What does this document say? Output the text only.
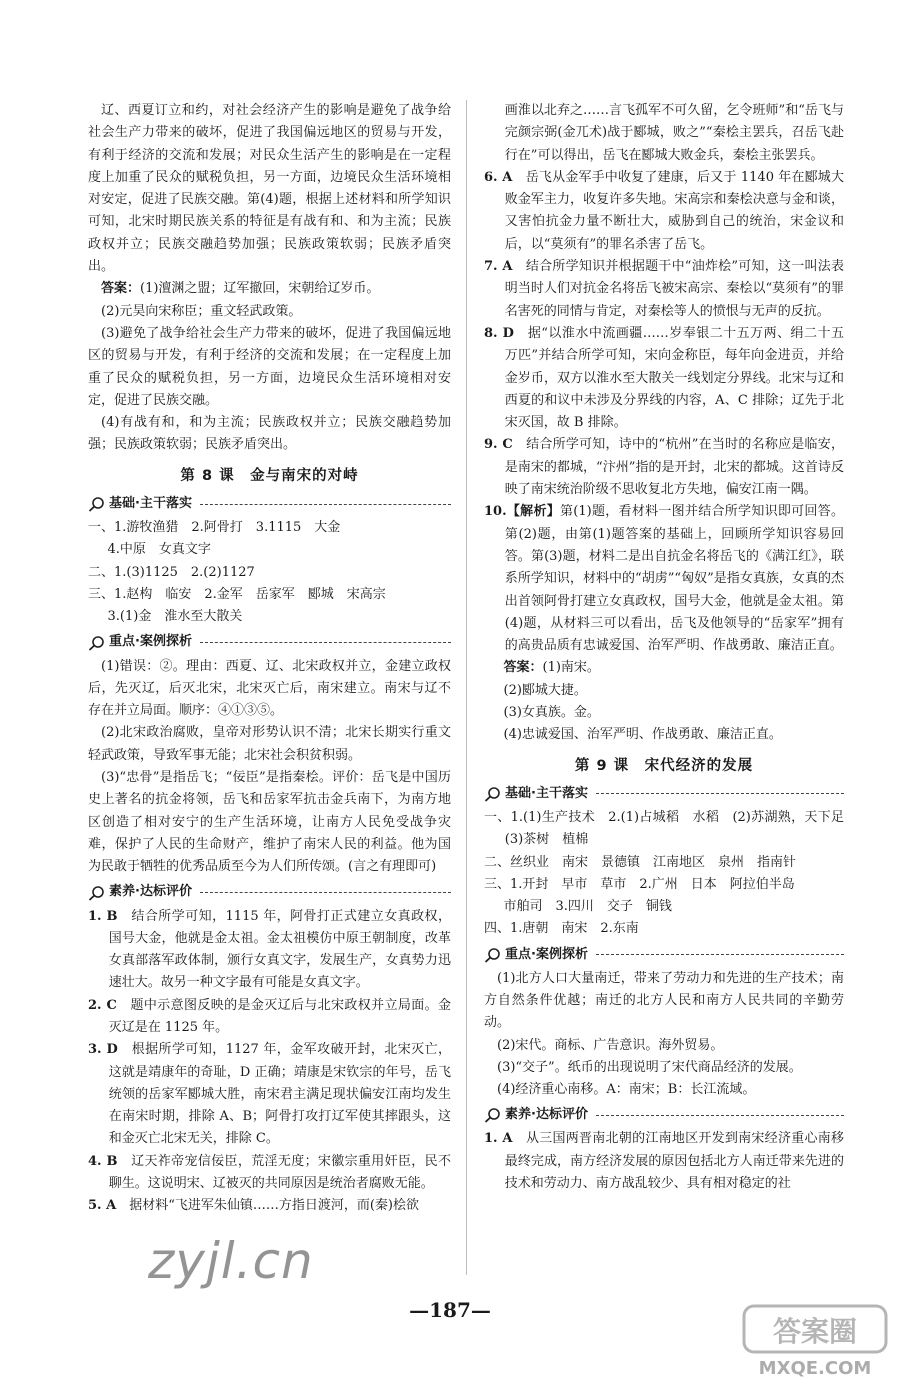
辽、西夏订立和约，对社会经济产生的影响是避免了战争给社会生产力带来的破坏，促进了我国偏远地区的贸易与开发，有利于经济的交流和发展；对民众生活产生的影响是在一定程度上加重了民众的赋税负担，另一方面，边境民众生活环境相对安定，促进了民族交融。第(4)题，根据上述材料和所学知识可知，北宋时期民族关系的特征是有战有和、和为主流；民族政权并立；民族交融趋势加强；民族政策软弱；民族矛盾突出。

答案：(1)澶渊之盟；辽军撤回，宋朝给辽岁币。

(2)元昊向宋称臣；重文轻武政策。

(3)避免了战争给社会生产力带来的破坏，促进了我国偏远地区的贸易与开发，有利于经济的交流和发展；在一定程度上加重了民众的赋税负担，另一方面，边境民众生活环境相对安定，促进了民族交融。

(4)有战有和，和为主流；民族政权并立；民族交融趋势加强；民族政策软弱；民族矛盾突出。

第 8 课　金与南宋的对峙
基础·主干落实

一、1.游牧渔猎　2.阿骨打　3.1115　大金

4.中原　女真文字

二、1.(3)1125　2.(2)1127

三、1.赵构　临安　2.金军　岳家军　郾城　宋高宗

3.(1)金　淮水至大散关

重点·案例探析

(1)错误：②。理由：西夏、辽、北宋政权并立，金建立政权后，先灭辽，后灭北宋，北宋灭亡后，南宋建立。南宋与辽不存在并立局面。顺序：④①③⑤。

(2)北宋政治腐败，皇帝对形势认识不清；北宋长期实行重文轻武政策，导致军事无能；北宋社会积贫积弱。

(3)“忠骨”是指岳飞；“佞臣”是指秦桧。评价：岳飞是中国历史上著名的抗金将领，岳飞和岳家军抗击金兵南下，为南方地区创造了相对安宁的生产生活环境，让南方人民免受战争灾难，保护了人民的生命财产，维护了南宋人民的利益。他为国为民敢于牺牲的优秀品质至今为人们所传颂。(言之有理即可)

素养·达标评价

1. B　 结合所学可知，1115 年，阿骨打正式建立女真政权，国号大金，他就是金太祖。金太祖模仿中原王朝制度，改革女真部落军政体制，颁行女真文字，发展生产，女真势力迅速壮大。故另一种文字最有可能是女真文字。

2. C　 题中示意图反映的是金灭辽后与北宋政权并立局面。金灭辽是在 1125 年。

3. D　 根据所学可知，1127 年，金军攻破开封，北宋灭亡，这就是靖康年的奇耻，D 正确；靖康是宋钦宗的年号，岳飞统领的岳家军郾城大胜，南宋君主满足现状偏安江南均发生在南宋时期，排除 A、B；阿骨打攻打辽军使其摔跟头，这和金灭亡北宋无关，排除 C。

4. B　 辽天祚帝宠信佞臣，荒淫无度；宋徽宗重用奸臣，民不聊生。这说明宋、辽被灭的共同原因是统治者腐败无能。

5. A　 据材料“飞进军朱仙镇……方指日渡河，而(秦)桧欲

画淮以北弃之……言飞孤军不可久留，乞令班师”和“岳飞与完颜宗弼(金兀术)战于郾城，败之”“秦桧主罢兵，召岳飞赴行在”可以得出，岳飞在郾城大败金兵，秦桧主张罢兵。

6. A　 岳飞从金军手中收复了建康，后又于 1140 年在郾城大败金军主力，收复许多失地。宋高宗和秦桧决意与金和谈，又害怕抗金力量不断壮大，威胁到自己的统治，宋金议和后，以“莫须有”的罪名杀害了岳飞。

7. A　 结合所学知识并根据题干中“油炸桧”可知，这一叫法表明当时人们对抗金名将岳飞被宋高宗、秦桧以“莫须有”的罪名害死的同情与肯定，对秦桧等人的愤恨与无声的反抗。

8. D　 据“以淮水中流画疆……岁奉银二十五万两、绢二十五万匹”并结合所学可知，宋向金称臣，每年向金进贡，并给金岁币，双方以淮水至大散关一线划定分界线。北宋与辽和西夏的和议中未涉及分界线的内容，A、C 排除；辽先于北宋灭国，故 B 排除。

9. C　 结合所学可知，诗中的“杭州”在当时的名称应是临安，是南宋的都城，“汴州”指的是开封，北宋的都城。这首诗反映了南宋统治阶级不思收复北方失地，偏安江南一隅。

10.【解析】第(1)题，看材料一图并结合所学知识即可回答。第(2)题，由第(1)题答案的基础上，回顾所学知识容易回答。第(3)题，材料二是出自抗金名将岳飞的《满江红》，联系所学知识，材料中的“胡虏”“匈奴”是指女真族，女真的杰出首领阿骨打建立女真政权，国号大金，他就是金太祖。第(4)题，从材料三可以看出，岳飞及他领导的“岳家军”拥有的高贵品质有忠诚爱国、治军严明、作战勇敢、廉洁正直。

答案：(1)南宋。

(2)郾城大捷。

(3)女真族。金。

(4)忠诚爱国、治军严明、作战勇敢、廉洁正直。

第 9 课　宋代经济的发展
基础·主干落实

一、1.(1)生产技术　2.(1)占城稻　水稻　(2)苏湖熟，天下足　(3)茶树　植棉

二、丝织业　南宋　景德镇　江南地区　泉州　指南针

三、1.开封　早市　草市　2.广州　日本　阿拉伯半岛

市舶司　3.四川　交子　铜钱

四、1.唐朝　南宋　2.东南

重点·案例探析

(1)北方人口大量南迁，带来了劳动力和先进的生产技术；南方自然条件优越；南迁的北方人民和南方人民共同的辛勤劳动。

(2)宋代。商标、广告意识。海外贸易。

(3)“交子”。纸币的出现说明了宋代商品经济的发展。

(4)经济重心南移。A：南宋；B：长江流域。

素养·达标评价

1. A　 从三国两晋南北朝的江南地区开发到南宋经济重心南移最终完成，南方经济发展的原因包括北方人南迁带来先进的技术和劳动力、南方战乱较少、具有相对稳定的社

—187—
zyjl.cn
答案圈
MXQE.COM
